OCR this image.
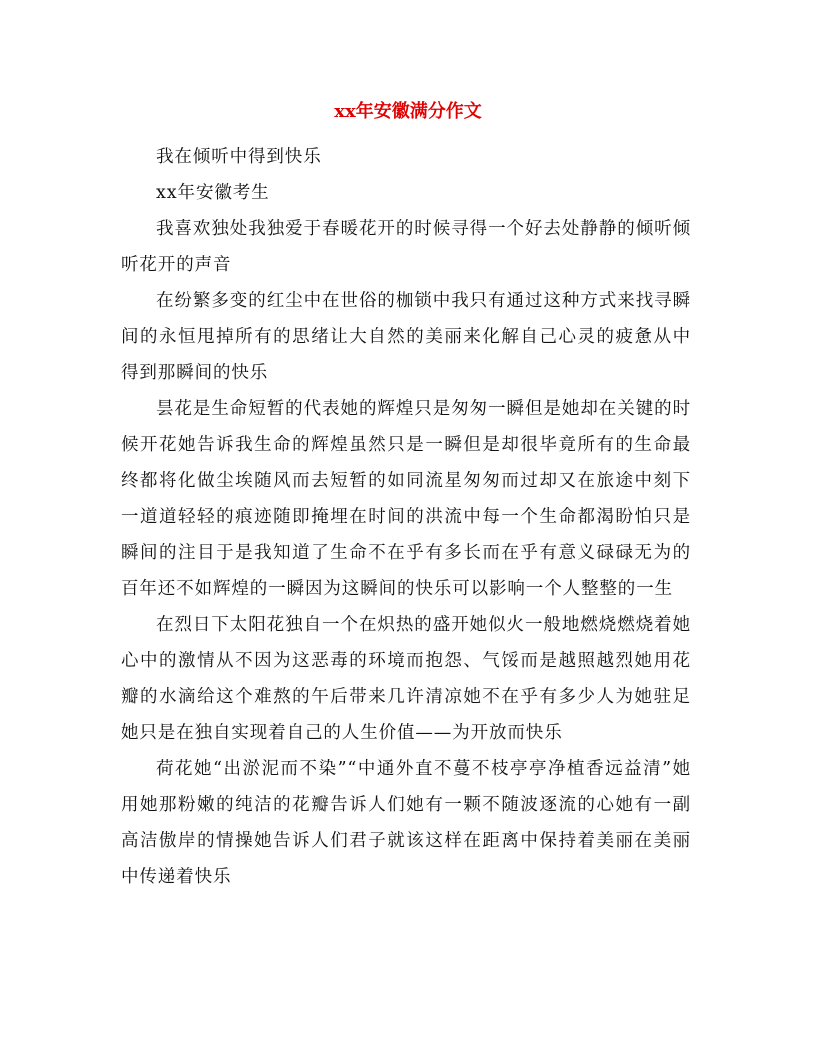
xx年安徽满分作文

我在倾听中得到快乐

xx年安徽考生

我喜欢独处我独爱于春暖花开的时候寻得一个好去处静静的倾听倾听花开的声音

在纷繁多变的红尘中在世俗的枷锁中我只有通过这种方式来找寻瞬间的永恒甩掉所有的思绪让大自然的美丽来化解自己心灵的疲惫从中得到那瞬间的快乐

昙花是生命短暂的代表她的辉煌只是匆匆一瞬但是她却在关键的时候开花她告诉我生命的辉煌虽然只是一瞬但是却很毕竟所有的生命最终都将化做尘埃随风而去短暂的如同流星匆匆而过却又在旅途中刻下一道道轻轻的痕迹随即掩埋在时间的洪流中每一个生命都渴盼怕只是瞬间的注目于是我知道了生命不在乎有多长而在乎有意义碌碌无为的百年还不如辉煌的一瞬因为这瞬间的快乐可以影响一个人整整的一生

在烈日下太阳花独自一个在炽热的盛开她似火一般地燃烧燃烧着她心中的激情从不因为这恶毒的环境而抱怨、气馁而是越照越烈她用花瓣的水滴给这个难熬的午后带来几许清凉她不在乎有多少人为她驻足她只是在独自实现着自己的人生价值——为开放而快乐

荷花她“出淤泥而不染”“中通外直不蔓不枝亭亭净植香远益清”她用她那粉嫩的纯洁的花瓣告诉人们她有一颗不随波逐流的心她有一副高洁傲岸的情操她告诉人们君子就该这样在距离中保持着美丽在美丽中传递着快乐
